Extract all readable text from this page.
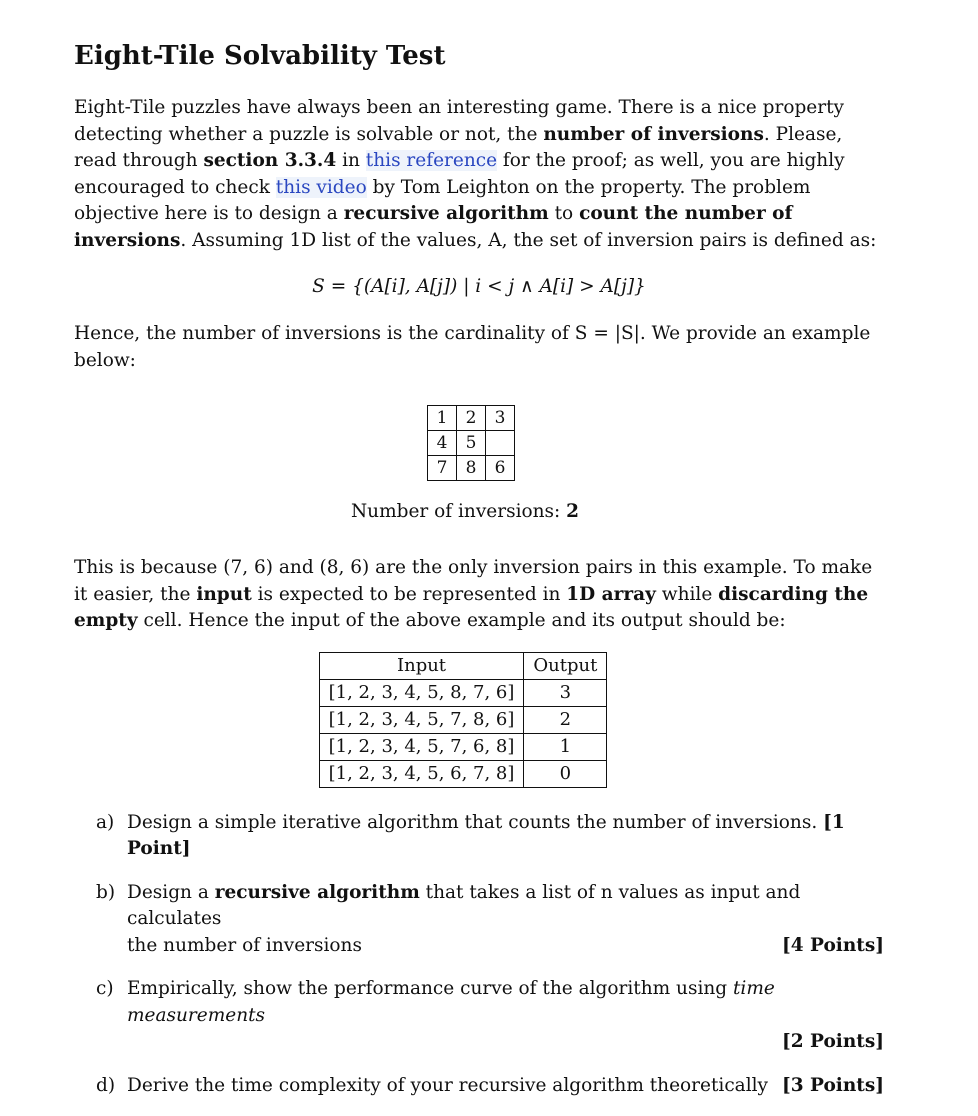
Eight-Tile Solvability Test

Eight-Tile puzzles have always been an interesting game. There is a nice property detecting whether a puzzle is solvable or not, the number of inversions. Please, read through section 3.3.4 in this reference for the proof; as well, you are highly encouraged to check this video by Tom Leighton on the property. The problem objective here is to design a recursive algorithm to count the number of inversions. Assuming 1D list of the values, A, the set of inversion pairs is defined as:

S = {(A[i], A[j]) | i < j ∧ A[i] > A[j]}

Hence, the number of inversions is the cardinality of S = |S|. We provide an example below:

1	2	3
4	5	
7	8	6
Number of inversions: 2

This is because (7, 6) and (8, 6) are the only inversion pairs in this example. To make it easier, the input is expected to be represented in 1D array while discarding the empty cell. Hence the input of the above example and its output should be:

Input	Output
[1, 2, 3, 4, 5, 8, 7, 6]	3
[1, 2, 3, 4, 5, 7, 8, 6]	2
[1, 2, 3, 4, 5, 7, 6, 8]	1
[1, 2, 3, 4, 5, 6, 7, 8]	0
a) Design a simple iterative algorithm that counts the number of inversions. [1 Point]
b) Design a recursive algorithm that takes a list of n values as input and calculates
the number of inversions	[4 Points]
c) Empirically, show the performance curve of the algorithm using time measurements
[2 Points]
d) Derive the time complexity of your recursive algorithm theoretically [3 Points]
